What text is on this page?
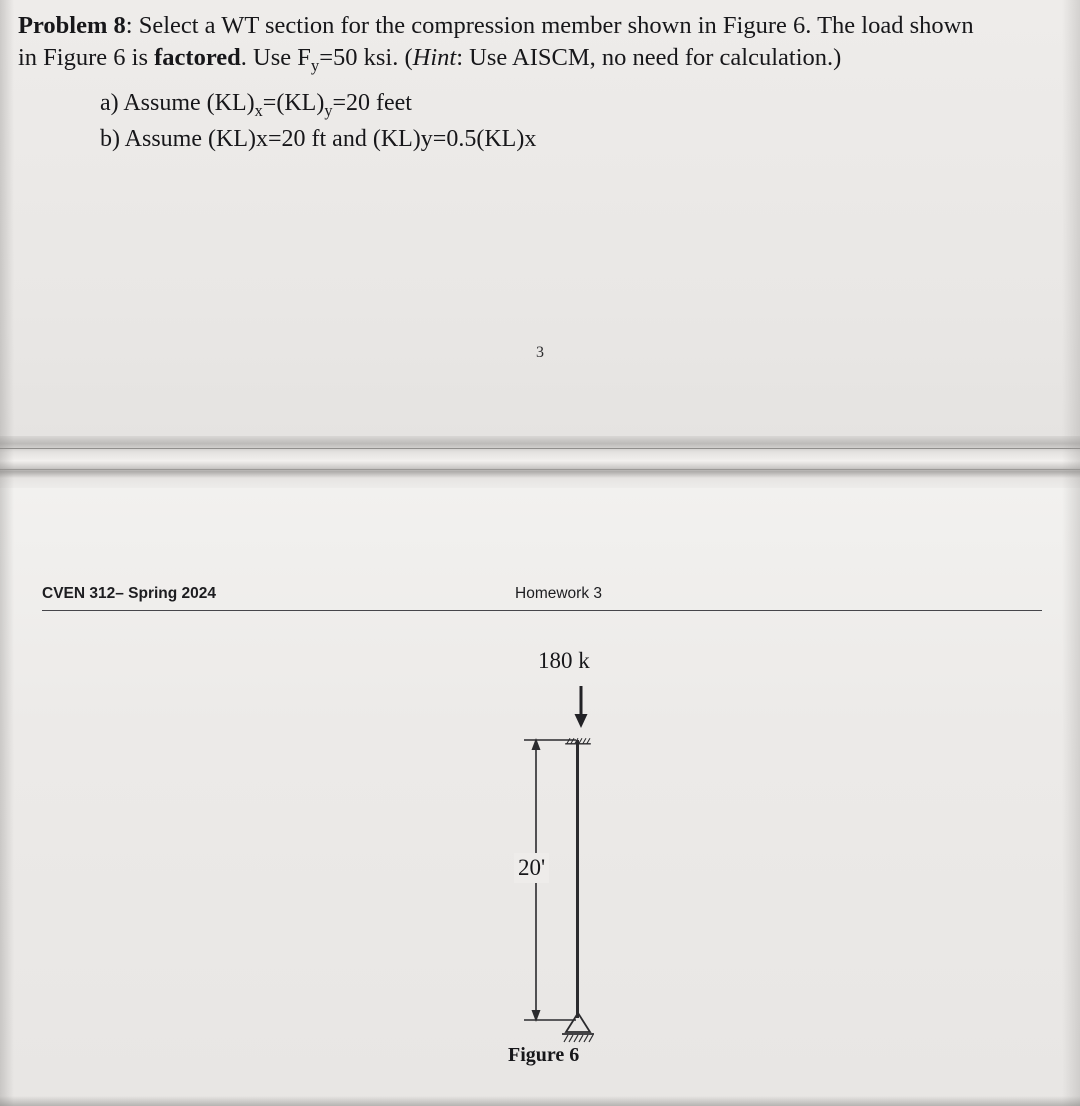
Problem 8: Select a WT section for the compression member shown in Figure 6. The load shown
in Figure 6 is factored. Use $F_y=50$ ksi. (Hint: Use AISCM, no need for calculation.)
a) Assume $(KL)_x=(KL)_y=20$ feet
b) Assume (KL)x=20 ft and (KL)y=0.5(KL)x
3
CVEN 312– Spring 2024	Homework 3
180 k
20'
Figure 6
